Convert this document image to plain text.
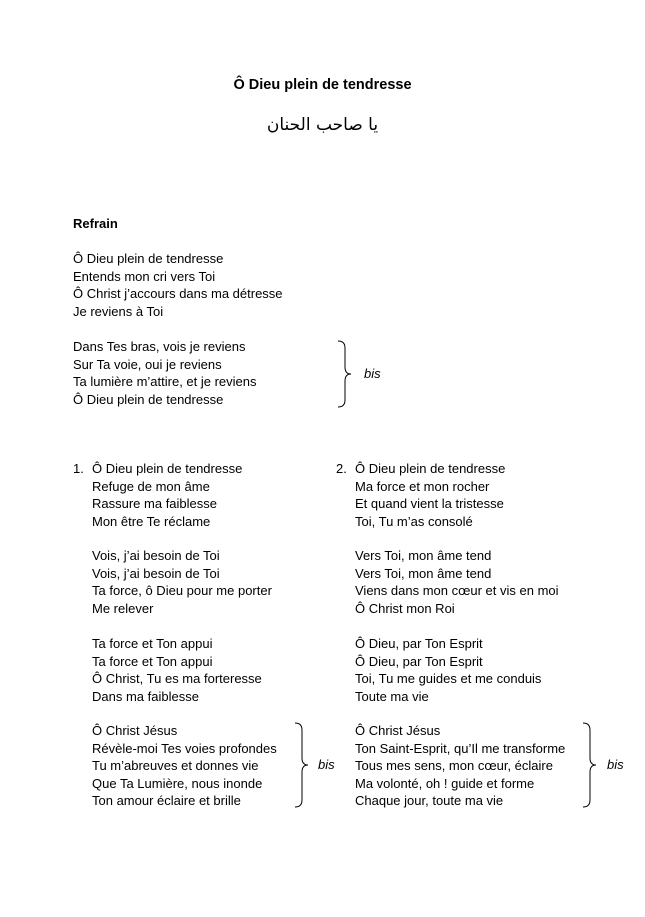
Ô Dieu plein de tendresse
يا صاحب الحنان
Refrain
Ô Dieu plein de tendresse
Entends mon cri vers Toi
Ô Christ j’accours dans ma détresse
Je reviens à Toi
Dans Tes bras, vois je reviens
Sur Ta voie, oui je reviens
Ta lumière m’attire, et je reviens
Ô Dieu plein de tendresse
bis
1. Ô Dieu plein de tendresse
Refuge de mon âme
Rassure ma faiblesse
Mon être Te réclame
Vois, j’ai besoin de Toi
Vois, j’ai besoin de Toi
Ta force, ô Dieu pour me porter
Me relever
Ta force et Ton appui
Ta force et Ton appui
Ô Christ, Tu es ma forteresse
Dans ma faiblesse
Ô Christ Jésus
Révèle-moi Tes voies profondes
Tu m’abreuves et donnes vie
Que Ta Lumière, nous inonde
Ton amour éclaire et brille
bis
2. Ô Dieu plein de tendresse
Ma force et mon rocher
Et quand vient la tristesse
Toi, Tu m’as consolé
Vers Toi, mon âme tend
Vers Toi, mon âme tend
Viens dans mon cœur et vis en moi
Ô Christ mon Roi
Ô Dieu, par Ton Esprit
Ô Dieu, par Ton Esprit
Toi, Tu me guides et me conduis
Toute ma vie
Ô Christ Jésus
Ton Saint-Esprit, qu’Il me transforme
Tous mes sens, mon cœur, éclaire
Ma volonté, oh ! guide et forme
Chaque jour, toute ma vie
bis
